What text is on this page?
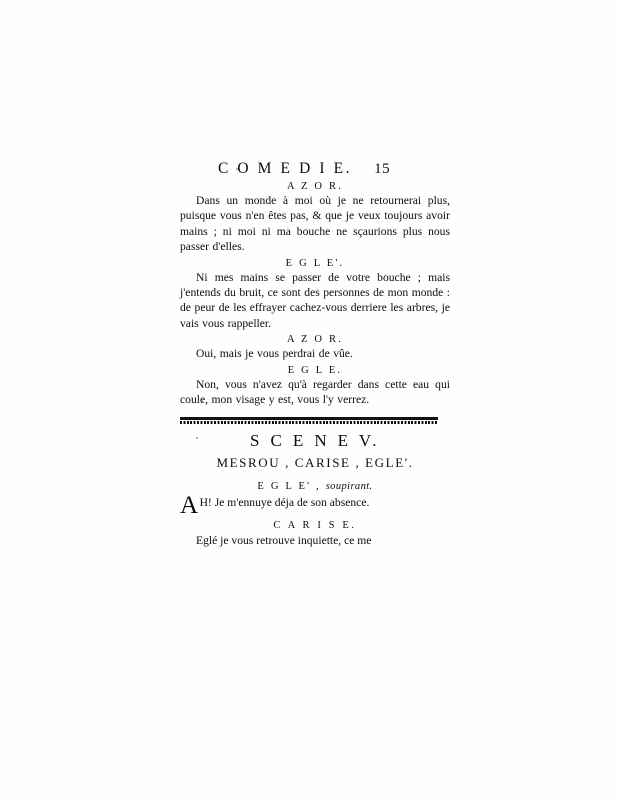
C O M E D I E. 15
A Z O R.

Dans un monde à moi où je ne retournerai plus, puisque vous n'en êtes pas, & que je veux toujours avoir mains ; ni moi ni ma bouche ne sçaurions plus nous passer d'elles.

E G L E'.

Ni mes mains se passer de votre bouche ; mais j'entends du bruit, ce sont des personnes de mon monde : de peur de les effrayer cachez-vous derriere les arbres, je vais vous rappeller.

A Z O R.

Oui, mais je vous perdrai de vûe.

E G L E.

Non, vous n'avez qu'à regarder dans cette eau qui coule, mon visage y est, vous l'y verrez.

S C E N E V.
MESROU , CARISE , EGLE'.
E G L E' , soupirant.

A H! Je m'ennuye déja de son absence.

C A R I S E.

Eglé je vous retrouve inquiette, ce me
